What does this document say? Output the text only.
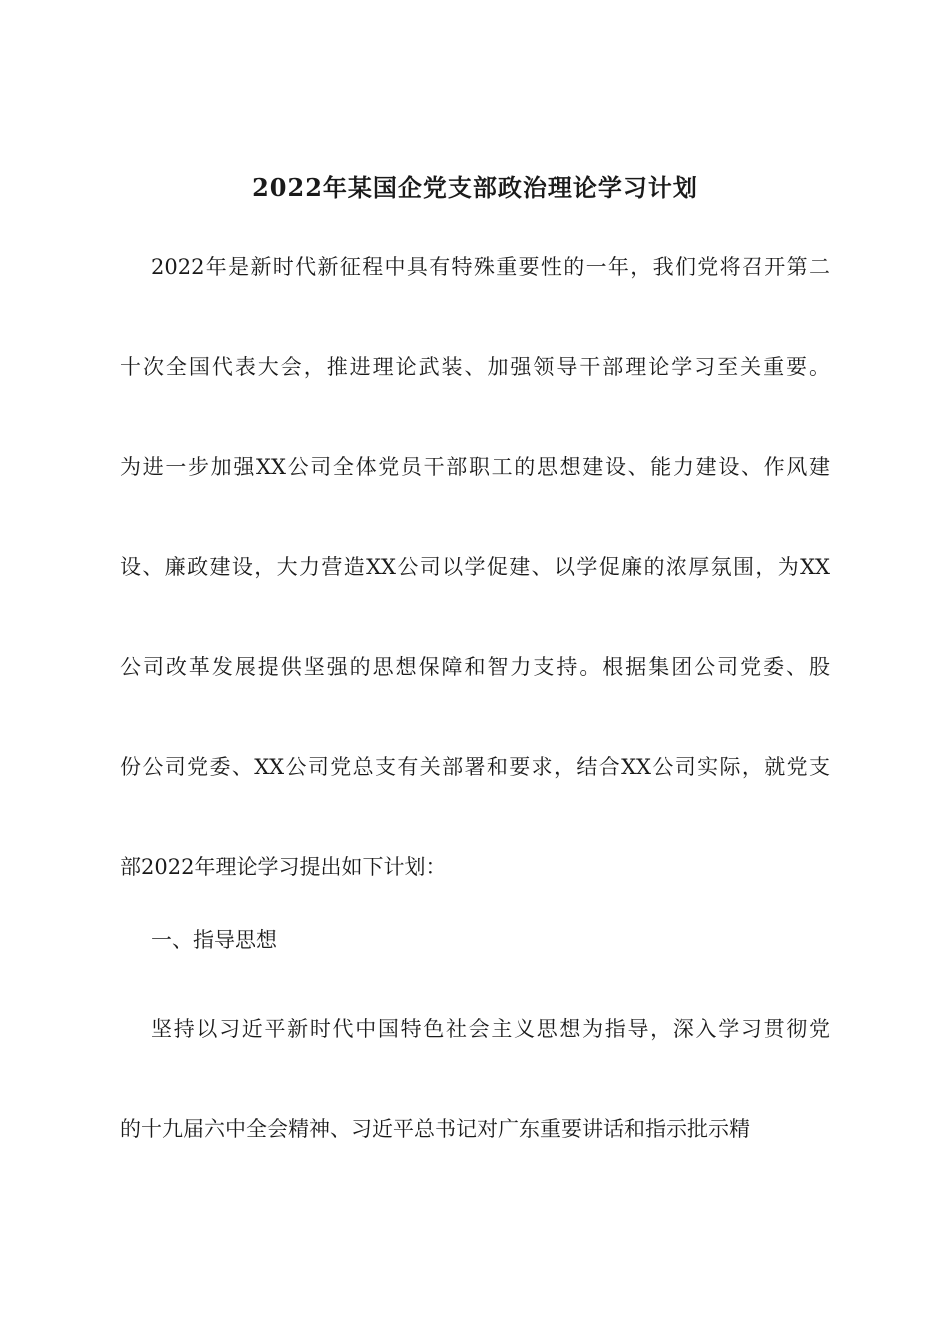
2022年某国企党支部政治理论学习计划

2022年是新时代新征程中具有特殊重要性的一年，我们党将召开第二

十次全国代表大会，推进理论武装、加强领导干部理论学习至关重要。

为进一步加强XX公司全体党员干部职工的思想建设、能力建设、作风建

设、廉政建设，大力营造XX公司以学促建、以学促廉的浓厚氛围，为XX

公司改革发展提供坚强的思想保障和智力支持。根据集团公司党委、股

份公司党委、XX公司党总支有关部署和要求，结合XX公司实际，就党支

部2022年理论学习提出如下计划：

一、指导思想

坚持以习近平新时代中国特色社会主义思想为指导，深入学习贯彻党

的十九届六中全会精神、习近平总书记对广东重要讲话和指示批示精
